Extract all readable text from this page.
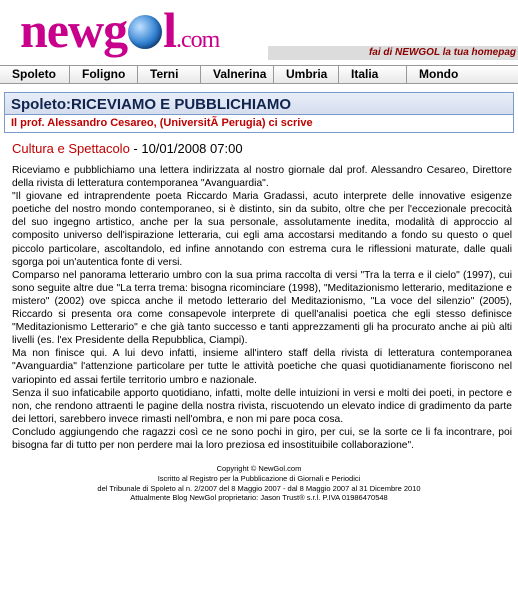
newg l.com	fai di NEWGOL la tua homepag
Spoleto	Foligno	Terni	Valnerina	Umbria	Italia	Mondo
Spoleto:RICEVIAMO E PUBBLICHIAMO
Il prof. Alessandro Cesareo, (UniversitÃ Perugia) ci scrive
Cultura e Spettacolo - 10/01/2008 07:00

Riceviamo e pubblichiamo una lettera indirizzata al nostro giornale dal prof. Alessandro Cesareo, Direttore della rivista di letteratura contemporanea "Avanguardia".

"Il giovane ed intraprendente poeta Riccardo Maria Gradassi, acuto interprete delle innovative esigenze poetiche del nostro mondo contemporaneo, si è distinto, sin da subito, oltre che per l'eccezionale precocità del suo ingegno artistico, anche per la sua personale, assolutamente inedita, modalità di approccio al composito universo dell'ispirazione letteraria, cui egli ama accostarsi meditando a fondo su questo o quel piccolo particolare, ascoltandolo, ed infine annotando con estrema cura le riflessioni maturate, dalle quali sgorga poi un'autentica fonte di versi.

Comparso nel panorama letterario umbro con la sua prima raccolta di versi "Tra la terra e il cielo" (1997), cui sono seguite altre due "La terra trema: bisogna ricominciare (1998), "Meditazionismo letterario, meditazione e mistero" (2002) ove spicca anche il metodo letterario del Meditazionismo, "La voce del silenzio" (2005), Riccardo si presenta ora come consapevole interprete di quell'analisi poetica che egli stesso definisce "Meditazionismo Letterario" e che già tanto successo e tanti apprezzamenti gli ha procurato anche ai più alti livelli (es. l'ex Presidente della Repubblica, Ciampi).

Ma non finisce qui. A lui devo infatti, insieme all'intero staff della rivista di letteratura contemporanea "Avanguardia" l'attenzione particolare per tutte le attività poetiche che quasi quotidianamente fioriscono nel variopinto ed assai fertile territorio umbro e nazionale.

Senza il suo infaticabile apporto quotidiano, infatti, molte delle intuizioni in versi e molti dei poeti, in pectore e non, che rendono attraenti le pagine della nostra rivista, riscuotendo un elevato indice di gradimento da parte dei lettori, sarebbero invece rimasti nell'ombra, e non mi pare poca cosa.

Concludo aggiungendo che ragazzi così ce ne sono pochi in giro, per cui, se la sorte ce li fa incontrare, poi bisogna far di tutto per non perdere mai la loro preziosa ed insostituibile collaborazione".

Copyright © NewGol.com
Iscritto al Registro per la Pubblicazione di Giornali e Periodici
del Tribunale di Spoleto al n. 2/2007 del 8 Maggio 2007 - dal 8 Maggio 2007 al 31 Dicembre 2010
Attualmente Blog NewGol proprietario: Jason Trust® s.r.l. P.IVA 01986470548
